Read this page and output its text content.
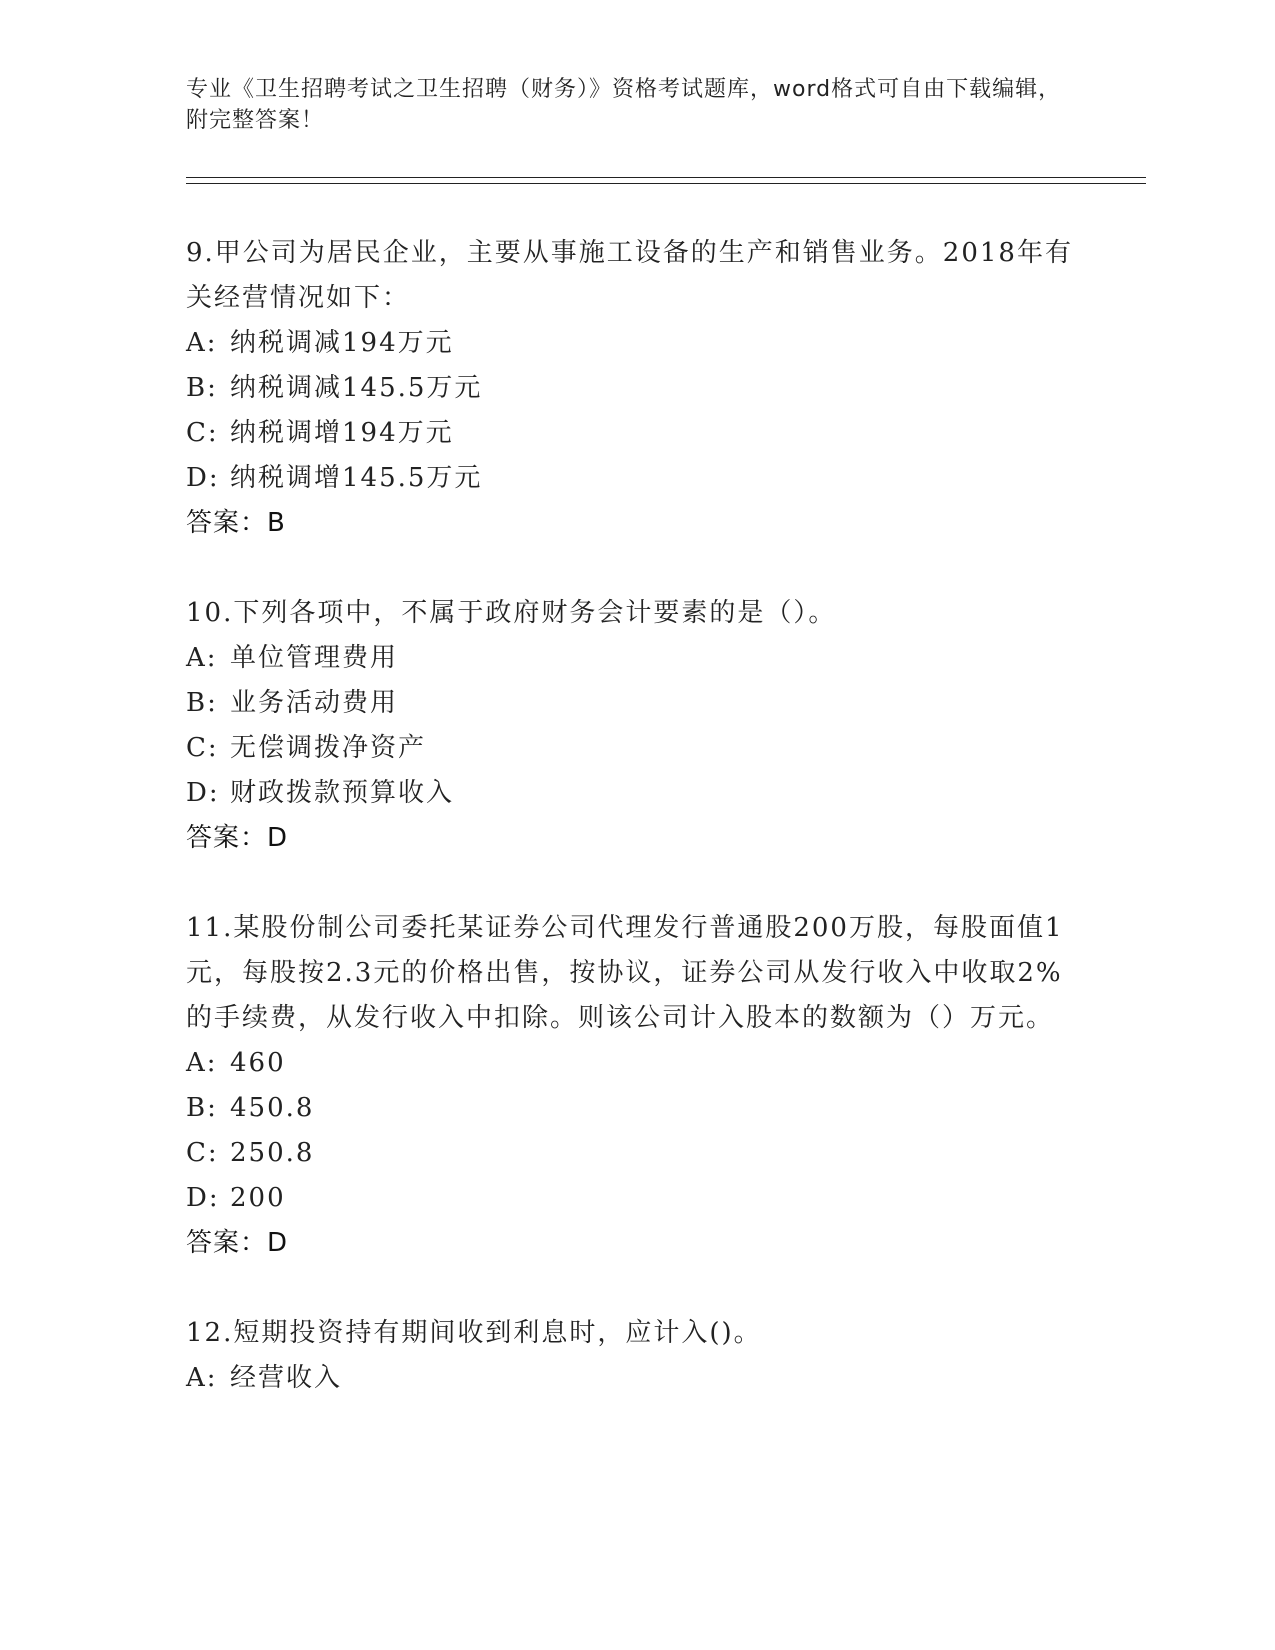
专业《卫生招聘考试之卫生招聘（财务）》资格考试题库，word格式可自由下载编辑，附完整答案！
9.甲公司为居民企业，主要从事施工设备的生产和销售业务。2018年有关经营情况如下：
A: 纳税调减194万元
B: 纳税调减145.5万元
C: 纳税调增194万元
D: 纳税调增145.5万元
答案：B
10.下列各项中，不属于政府财务会计要素的是（）。
A: 单位管理费用
B: 业务活动费用
C: 无偿调拨净资产
D: 财政拨款预算收入
答案：D
11.某股份制公司委托某证券公司代理发行普通股200万股，每股面值1元，每股按2.3元的价格出售，按协议，证券公司从发行收入中收取2%的手续费，从发行收入中扣除。则该公司计入股本的数额为（）万元。
A: 460
B: 450.8
C: 250.8
D: 200
答案：D
12.短期投资持有期间收到利息时，应计入()。
A: 经营收入
